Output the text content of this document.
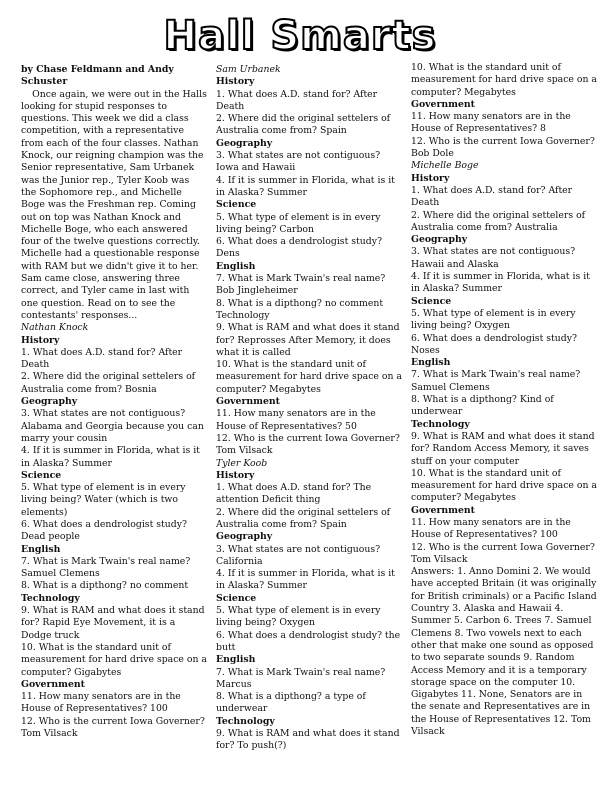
Hall Smarts
by Chase Feldmann and Andy Schuster
Once again, we were out in the Halls looking for stupid responses to questions. This week we did a class competition, with a representative from each of the four classes. Nathan Knock, our reigning champion was the Senior representative, Sam Urbanek was the Junior rep., Tyler Koob was the Sophomore rep., and Michelle Boge was the Freshman rep. Coming out on top was Nathan Knock and Michelle Boge, who each answered four of the twelve questions correctly. Michelle had a questionable response with RAM but we didn't give it to her. Sam came close, answering three correct, and Tyler came in last with one question. Read on to see the contestants' responses...
Nathan Knock
History
1. What does A.D. stand for? After Death
2. Where did the original settelers of Australia come from? Bosnia
Geography
3. What states are not contiguous? Alabama and Georgia because you can marry your cousin
4. If it is summer in Florida, what is it in Alaska? Summer
Science
5. What type of element is in every living being? Water (which is two elements)
6. What does a dendrologist study? Dead people
English
7. What is Mark Twain's real name? Samuel Clemens
8. What is a dipthong? no comment
Technology
9. What is RAM and what does it stand for? Rapid Eye Movement, it is a Dodge truck
10. What is the standard unit of measurement for hard drive space on a computer? Gigabytes
Government
11. How many senators are in the House of Representatives? 100
12. Who is the current Iowa Governer? Tom Vilsack
Sam Urbanek
History
1. What does A.D. stand for? After Death
2. Where did the original settelers of Australia come from? Spain
Geography
3. What states are not contiguous? Iowa and Hawaii
4. If it is summer in Florida, what is it in Alaska? Summer
Science
5. What type of element is in every living being? Carbon
6. What does a dendrologist study? Dens
English
7. What is Mark Twain's real name? Bob Jingleheimer
8. What is a dipthong? no comment Technology
9. What is RAM and what does it stand for? Reprosses After Memory, it does what it is called
10. What is the standard unit of measurement for hard drive space on a computer? Megabytes
Government
11. How many senators are in the House of Representatives? 50
12. Who is the current Iowa Governer? Tom Vilsack
Tyler Koob
History
1. What does A.D. stand for? The attention Deficit thing
2. Where did the original settelers of Australia come from? Spain
Geography
3. What states are not contiguous? California
4. If it is summer in Florida, what is it in Alaska? Summer
Science
5. What type of element is in every living being? Oxygen
6. What does a dendrologist study? the butt
English
7. What is Mark Twain's real name? Marcus
8. What is a dipthong? a type of underwear
Technology
9. What is RAM and what does it stand for? To push(?)
10. What is the standard unit of measurement for hard drive space on a computer? Megabytes
Government
11. How many senators are in the House of Representatives? 8
12. Who is the current Iowa Governer? Bob Dole
Michelle Boge
History
1. What does A.D. stand for? After Death
2. Where did the original settelers of Australia come from? Australia
Geography
3. What states are not contiguous? Hawaii and Alaska
4. If it is summer in Florida, what is it in Alaska? Summer
Science
5. What type of element is in every living being? Oxygen
6. What does a dendrologist study? Noses
English
7. What is Mark Twain's real name? Samuel Clemens
8. What is a dipthong? Kind of underwear
Technology
9. What is RAM and what does it stand for? Random Access Memory, it saves stuff on your computer
10. What is the standard unit of measurement for hard drive space on a computer? Megabytes
Government
11. How many senators are in the House of Representatives? 100
12. Who is the current Iowa Governer? Tom Vilsack
Answers: 1. Anno Domini 2. We would have accepted Britain (it was originally for British criminals) or a Pacific Island Country 3. Alaska and Hawaii 4. Summer 5. Carbon 6. Trees 7. Samuel Clemens 8. Two vowels next to each other that make one sound as opposed to two separate sounds 9. Random Access Memory and it is a temporary storage space on the computer 10. Gigabytes 11. None, Senators are in the senate and Representatives are in the House of Representatives 12. Tom Vilsack
